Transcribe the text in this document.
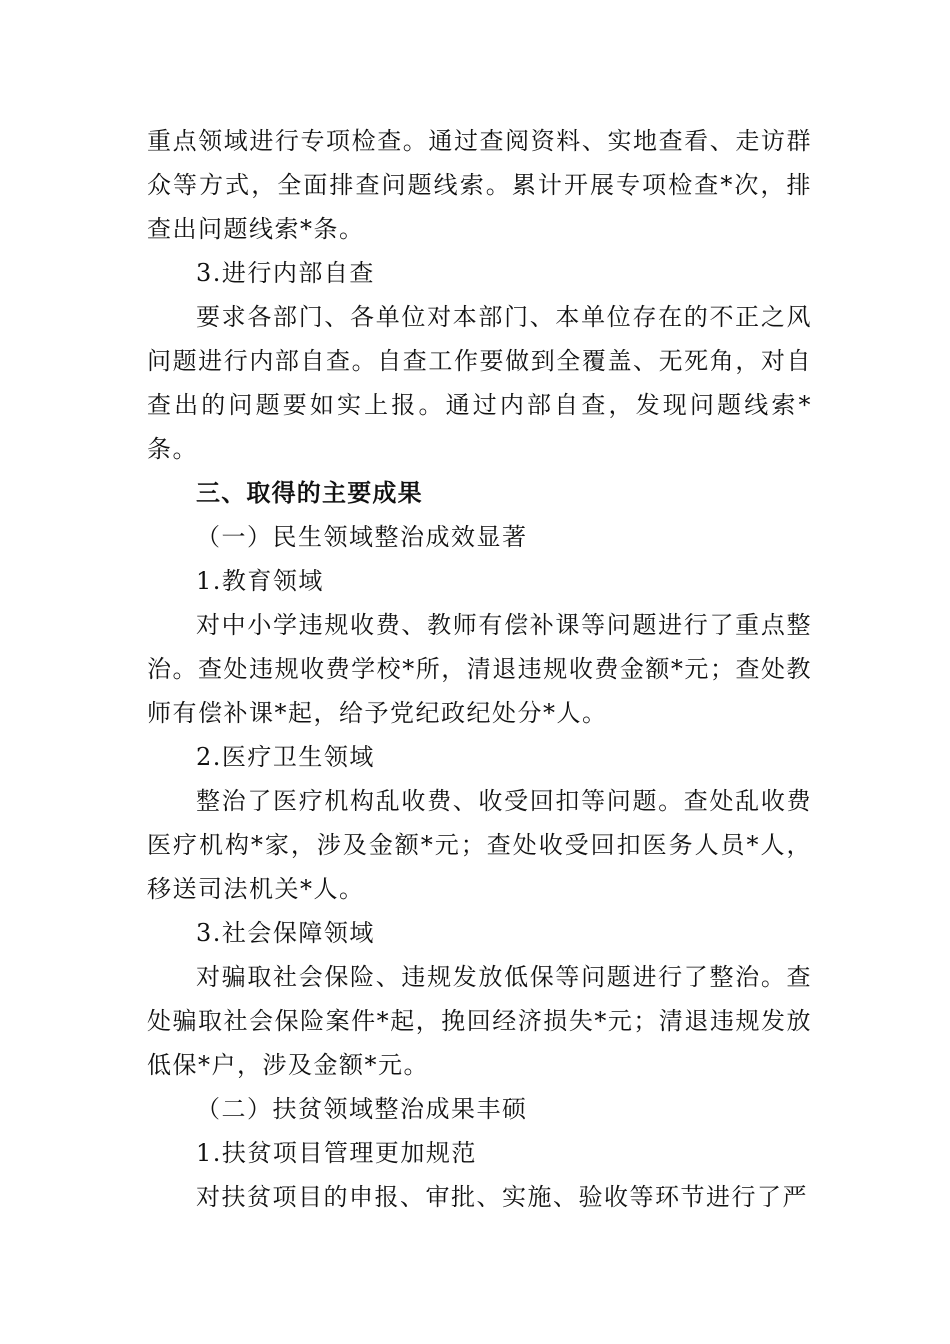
重点领域进行专项检查。通过查阅资料、实地查看、走访群众等方式，全面排查问题线索。累计开展专项检查*次，排查出问题线索*条。

3.进行内部自查

要求各部门、各单位对本部门、本单位存在的不正之风问题进行内部自查。自查工作要做到全覆盖、无死角，对自查出的问题要如实上报。通过内部自查，发现问题线索*条。

三、取得的主要成果

（一）民生领域整治成效显著

1.教育领域

对中小学违规收费、教师有偿补课等问题进行了重点整治。查处违规收费学校*所，清退违规收费金额*元；查处教师有偿补课*起，给予党纪政纪处分*人。

2.医疗卫生领域

整治了医疗机构乱收费、收受回扣等问题。查处乱收费医疗机构*家，涉及金额*元；查处收受回扣医务人员*人，移送司法机关*人。

3.社会保障领域

对骗取社会保险、违规发放低保等问题进行了整治。查处骗取社会保险案件*起，挽回经济损失*元；清退违规发放低保*户，涉及金额*元。

（二）扶贫领域整治成果丰硕

1.扶贫项目管理更加规范

对扶贫项目的申报、审批、实施、验收等环节进行了严
